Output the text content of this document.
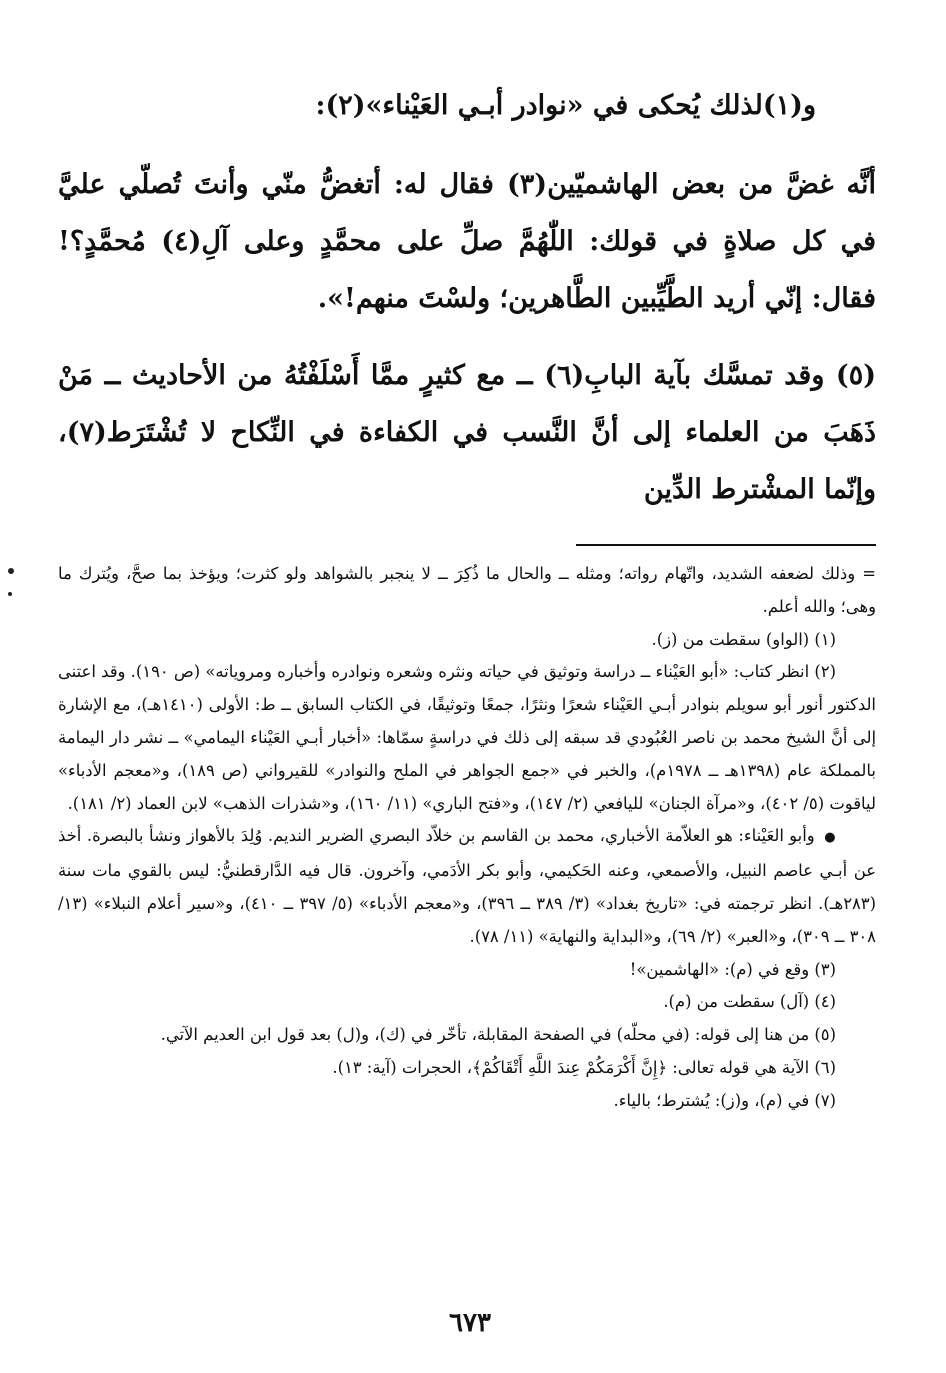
و(١)لذلك يُحكى في «نوادر أبـي العَيْناء»(٢):

أنَّه غضَّ من بعض الهاشميّين(٣) فقال له: أتغضُّ منّي وأنتَ تُصلّي عليَّ في كل صلاةٍ في قولك: اللّٰهُمَّ صلِّ على محمَّدٍ وعلى آلِ(٤) مُحمَّدٍ؟! فقال: إنّي أريد الطَّيِّبين الطَّاهرين؛ ولسْتَ منهم!».

(٥) وقد تمسَّك بآية البابِ(٦) ــ مع كثيرٍ ممَّا أَسْلَفْتُهُ من الأحاديث ــ مَنْ ذَهَبَ من العلماء إلى أنَّ النَّسب في الكفاءة في النِّكاح لا تُشْتَرَط(٧)، وإنّما المشْترط الدِّين

= وذلك لضعفه الشديد، واتّهام رواته؛ ومثله ــ والحال ما ذُكِرَ ــ لا ينجبر بالشواهد ولو كثرت؛ ويؤخذ بما صحَّ، ويُترك ما وهى؛ والله أعلم.

(١) (الواو) سقطت من (ز).

(٢) انظر كتاب: «أبو العَيْناء ــ دراسة وتوثيق في حياته ونثره وشعره ونوادره وأخباره ومروياته» (ص ١٩٠). وقد اعتنى الدكتور أنور أبو سويلم بنوادر أبـي العَيْناء شعرًا ونثرًا، جمعًا وتوثيقًا، في الكتاب السابق ــ ط: الأولى (١٤١٠هـ)، مع الإشارة إلى أنَّ الشيخ محمد بن ناصر العُبُودي قد سبقه إلى ذلك في دراسةٍ سمّاها: «أخبار أبـي العَيْناء اليمامي» ــ نشر دار اليمامة بالمملكة عام (١٣٩٨هـ ــ ١٩٧٨م)، والخبر في «جمع الجواهر في الملح والنوادر» للقيرواني (ص ١٨٩)، و«معجم الأدباء» لياقوت (٥/ ٤٠٢)، و«مرآة الجنان» لليافعي (٢/ ١٤٧)، و«فتح الباري» (١١/ ١٦٠)، و«شذرات الذهب» لابن العماد (٢/ ١٨١).

● وأبو العَيْناء: هو العلاّمة الأخباري، محمد بن القاسم بن خلاّد البصري الضرير النديم. وُلِدَ بالأهواز ونشأ بالبصرة. أخذ عن أبـي عاصم النبيل، والأصمعي، وعنه الحَكيمي، وأبو بكر الأدَمي، وآخرون. قال فيه الدَّارقطنيُّ: ليس بالقوي مات سنة (٢٨٣هـ). انظر ترجمته في: «تاريخ بغداد» (٣/ ٣٨٩ ــ ٣٩٦)، و«معجم الأدباء» (٥/ ٣٩٧ ــ ٤١٠)، و«سير أعلام النبلاء» (١٣/ ٣٠٨ ــ ٣٠٩)، و«العبر» (٢/ ٦٩)، و«البداية والنهاية» (١١/ ٧٨).

(٣) وقع في (م): «الهاشمين»!

(٤) (آل) سقطت من (م).

(٥) من هنا إلى قوله: (في محلّه) في الصفحة المقابلة، تأخّر في (ك)، و(ل) بعد قول ابن العديم الآتي.

(٦) الآية هي قوله تعالى: ﴿إِنَّ أَكْرَمَكُمْ عِندَ اللَّهِ أَتْقَاكُمْ﴾، الحجرات (آية: ١٣).

(٧) في (م)، و(ز): يُشترط؛ بالياء.

٦٧٣
